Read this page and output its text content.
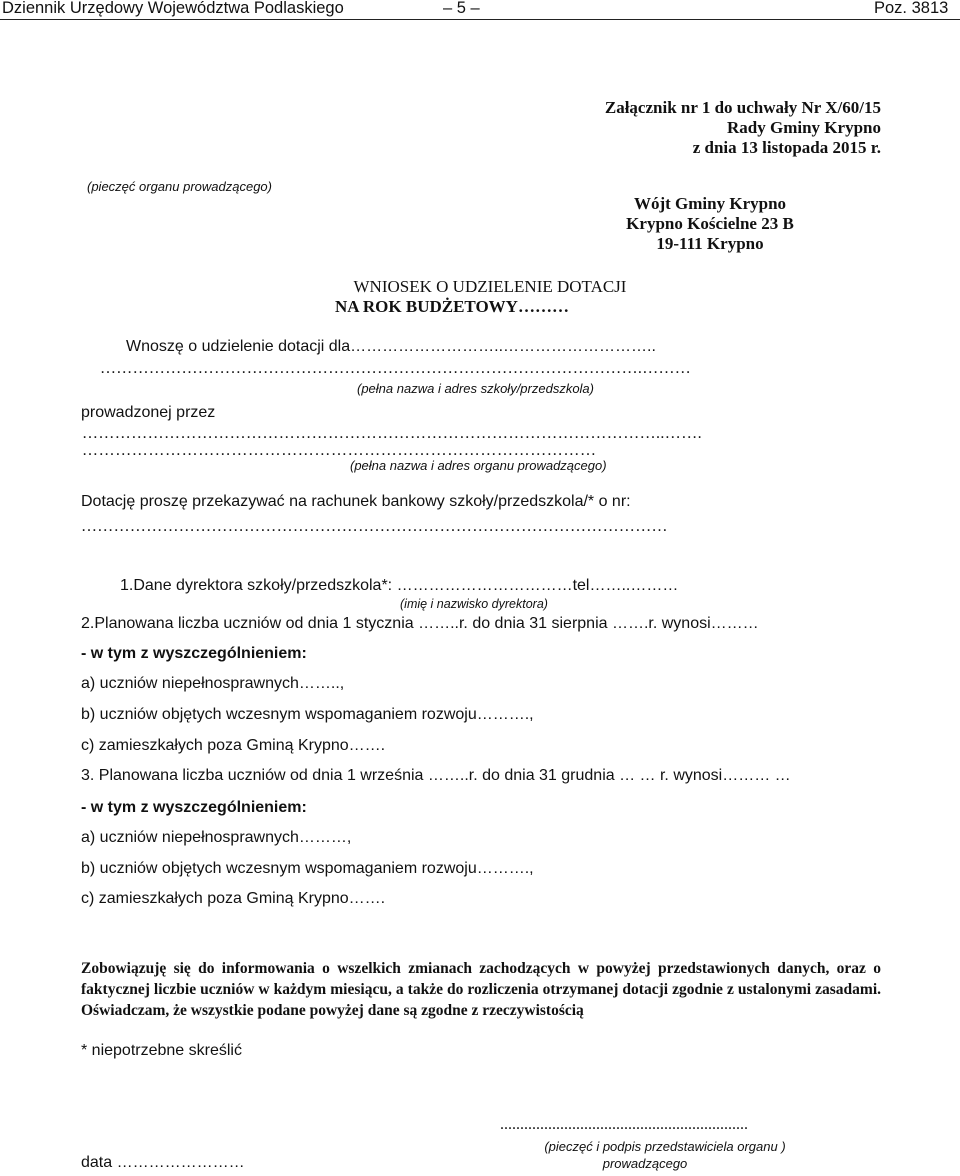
Dziennik Urzędowy Województwa Podlaskiego	– 5 –	Poz. 3813
Załącznik nr 1 do uchwały Nr X/60/15
Rady Gminy Krypno
z dnia 13 listopada 2015 r.
(pieczęć organu prowadzącego)
Wójt Gminy Krypno
Krypno Kościelne 23 B
19-111 Krypno
WNIOSEK O UDZIELENIE DOTACJI
NA ROK BUDŻETOWY………
Wnoszę o udzielenie dotacji dla………………………..………………………..
……………………………………………………………………………………….………
(pełna nazwa i adres szkoły/przedszkola)
prowadzonej przez
……………………………………………………………………………………………..…….
…………………………………………………………………………………
(pełna nazwa i adres organu prowadzącego)
Dotację proszę przekazywać na rachunek bankowy szkoły/przedszkola/* o nr:
………………………………………………………………………………………………
1.Dane dyrektora szkoły/przedszkola*: ……………………………tel……..………
(imię i nazwisko dyrektora)
2.Planowana liczba uczniów od dnia 1 stycznia ……..r. do dnia 31 sierpnia …….r. wynosi………
- w tym z wyszczególnieniem:
a) uczniów niepełnosprawnych……..,
b) uczniów objętych wczesnym wspomaganiem rozwoju……….,
c) zamieszkałych poza Gminą Krypno…….
3. Planowana liczba uczniów od dnia 1 września ……..r. do dnia 31 grudnia … … r. wynosi……… …
- w tym z wyszczególnieniem:
a) uczniów niepełnosprawnych………,
b) uczniów objętych wczesnym wspomaganiem rozwoju……….,
c) zamieszkałych poza Gminą Krypno…….
Zobowiązuję się do informowania o wszelkich zmianach zachodzących w powyżej przedstawionych danych, oraz o faktycznej liczbie uczniów w każdym miesiącu, a także do rozliczenia otrzymanej dotacji zgodnie z ustalonymi zasadami. Oświadczam, że wszystkie podane powyżej dane są zgodne z rzeczywistością
* niepotrzebne skreślić
..............................................................
(pieczęć i podpis przedstawiciela organu )
prowadzącego
data ……………………
